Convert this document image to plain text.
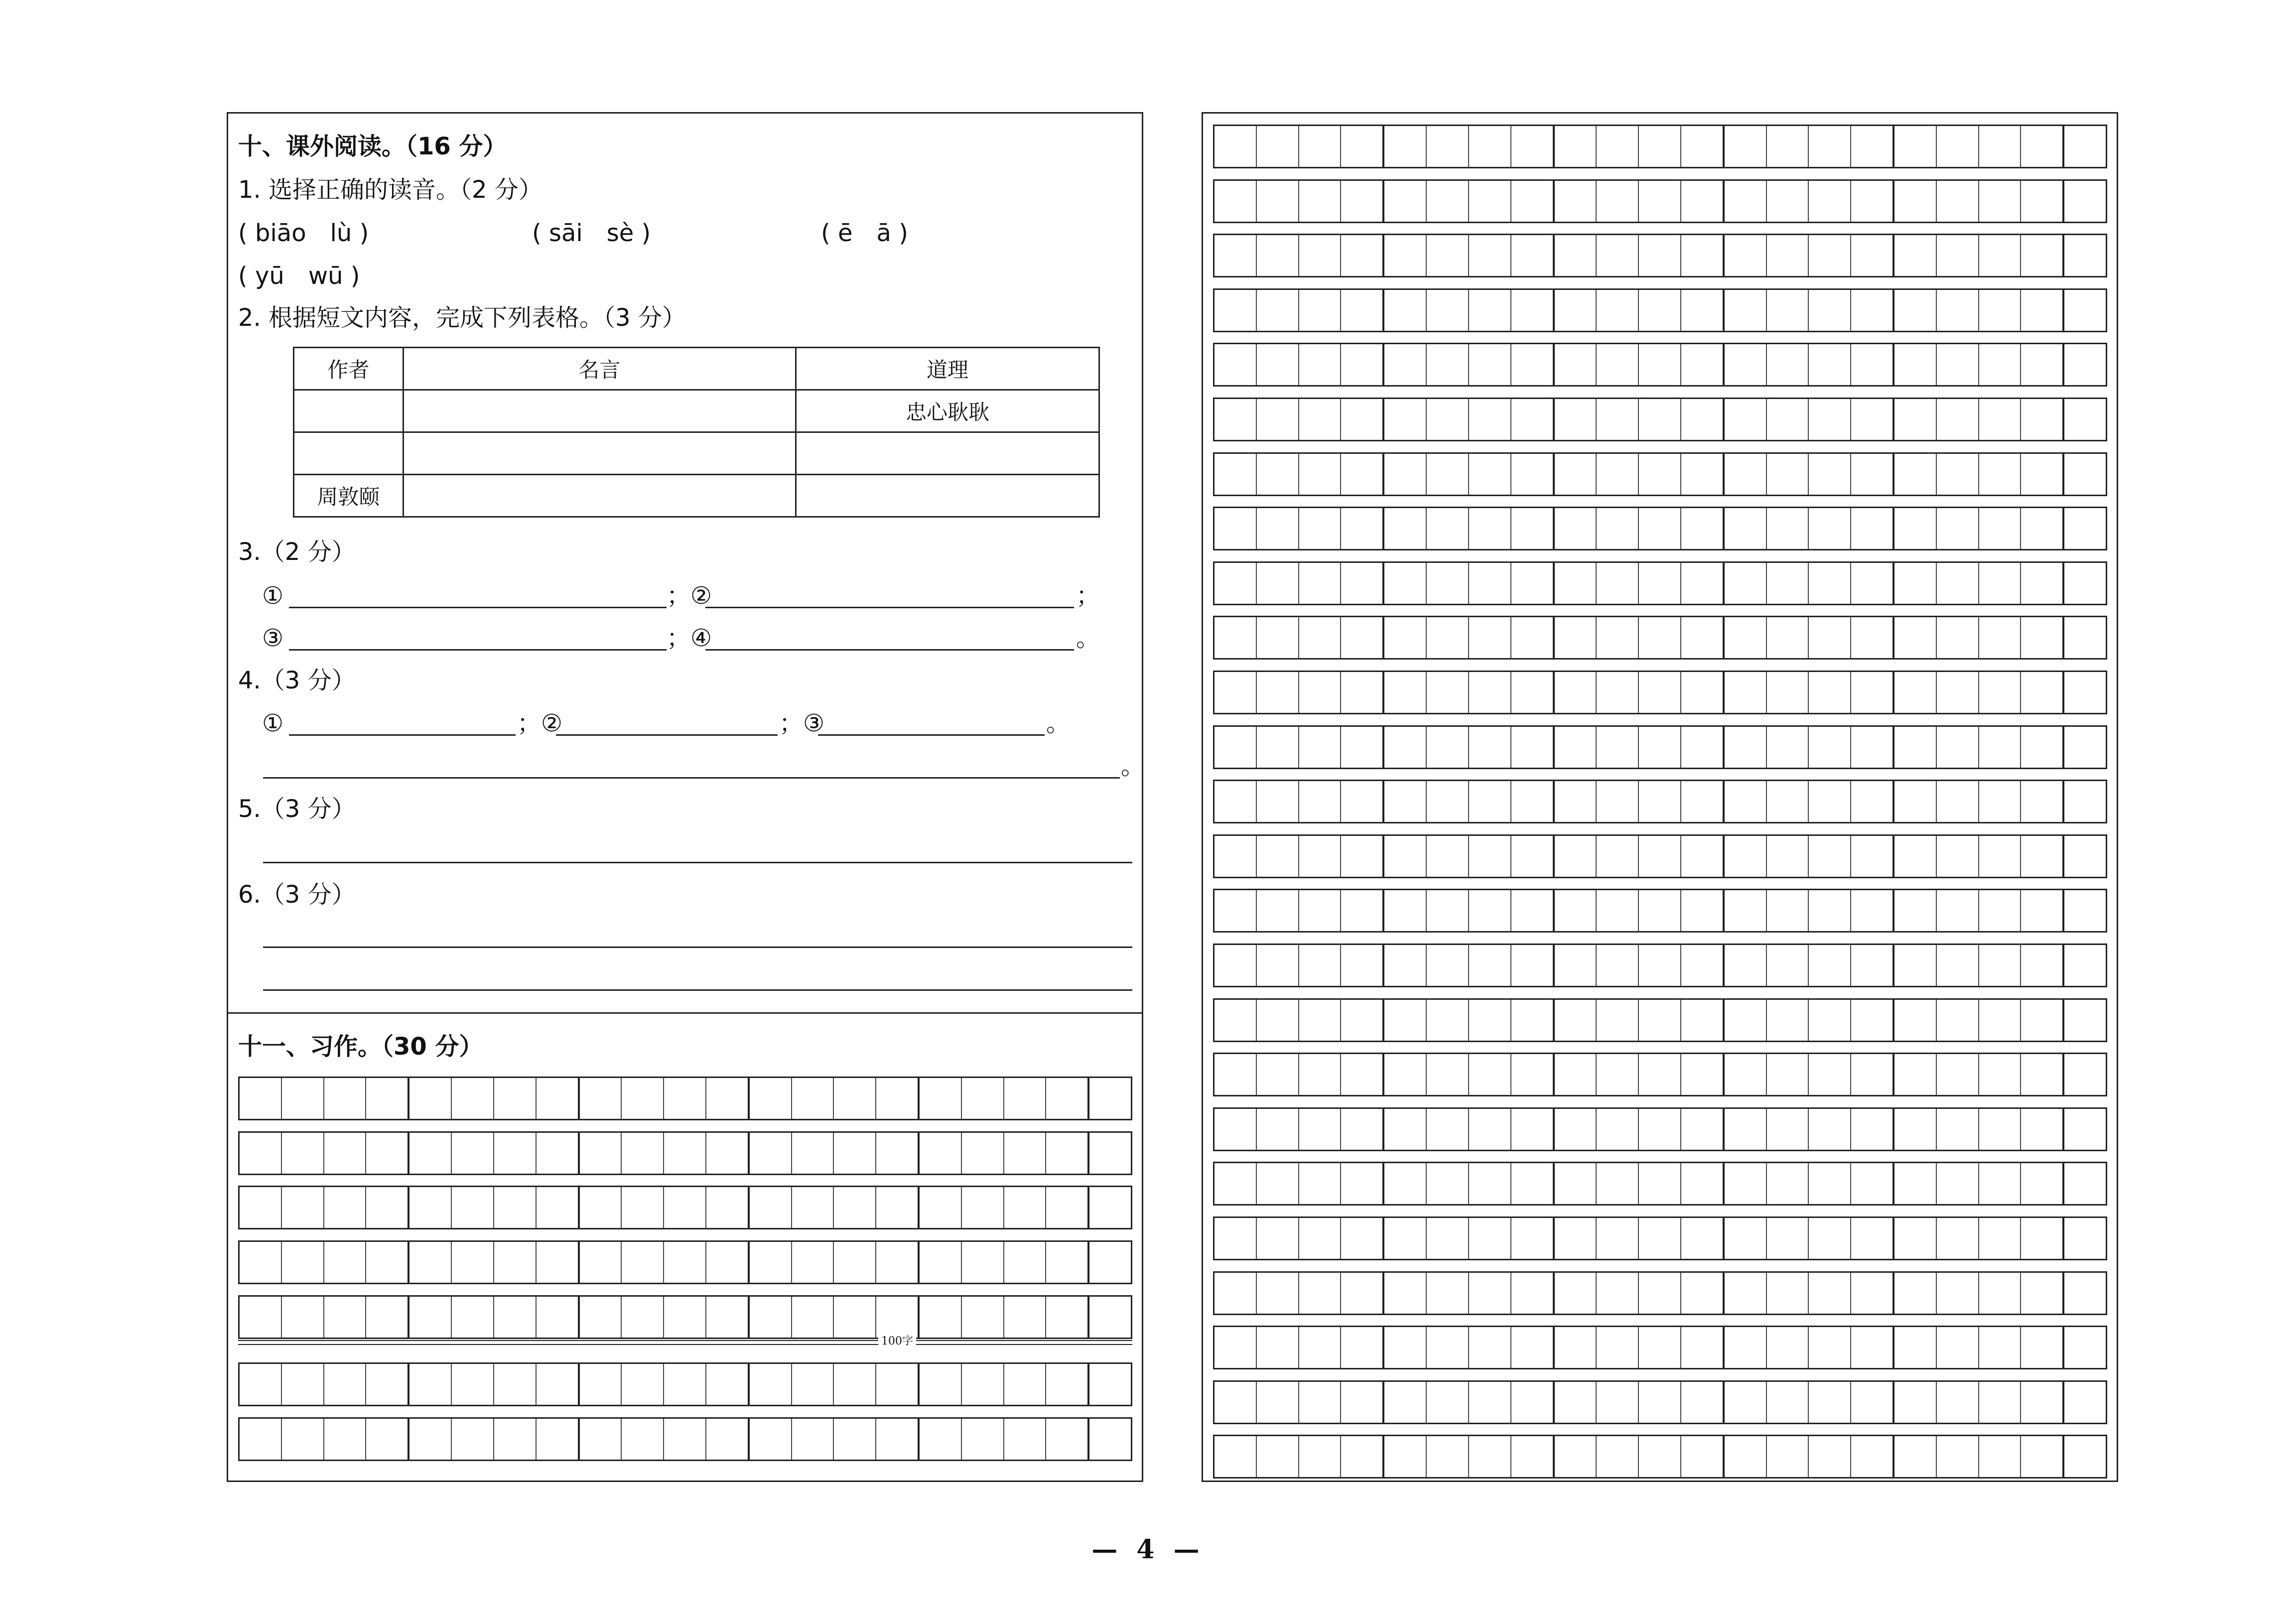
十、课外阅读。（16 分）
1. 选择正确的读音。（2 分）
( biāo　lù )	( sāi　sè )	( ē　ā )
( yū　wū )
2. 根据短文内容，完成下列表格。（3 分）
作者	名言	道理
		忠心耿耿

周敦颐		
3.（2 分）
①	；②	；
③	；④	。
4.（3 分）
①	；②	；③	。
。
5.（3 分）
6.（3 分）
十一、习作。（30 分）
100字
— 4 —
